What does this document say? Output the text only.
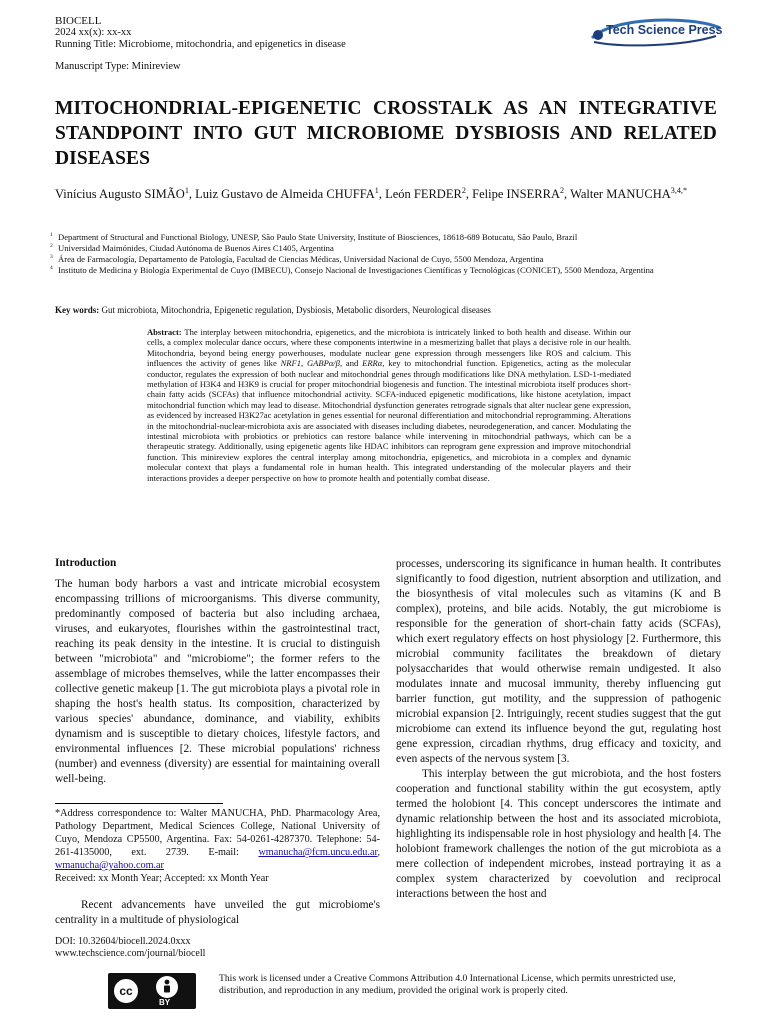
BIOCELL
2024 xx(x): xx-xx
Running Title: Microbiome, mitochondria, and epigenetics in disease
Manuscript Type: Minireview
Tech Science Press
MITOCHONDRIAL-EPIGENETIC CROSSTALK AS AN INTEGRATIVE STANDPOINT INTO GUT MICROBIOME DYSBIOSIS AND RELATED DISEASES
Vinícius Augusto SIMÃO$^1$, Luiz Gustavo de Almeida CHUFFA$^1$, León FERDER$^2$, Felipe INSERRA$^2$, Walter $MANUCHA^{3,4,*}$
1 Department of Structural and Functional Biology, UNESP, São Paulo State University, Institute of Biosciences, 18618-689 Botucatu, São Paulo, Brazil
2 Universidad Maimónides, Ciudad Autónoma de Buenos Aires C1405, Argentina
3 Área de Farmacología, Departamento de Patología, Facultad de Ciencias Médicas, Universidad Nacional de Cuyo, 5500 Mendoza, Argentina
4 Instituto de Medicina y Biología Experimental de Cuyo (IMBECU), Consejo Nacional de Investigaciones Científicas y Tecnológicas (CONICET), 5500 Mendoza, Argentina
Key words: Gut microbiota, Mitochondria, Epigenetic regulation, Dysbiosis, Metabolic disorders, Neurological diseases
Abstract: The interplay between mitochondria, epigenetics, and the microbiota is intricately linked to both health and disease. Within our cells, a complex molecular dance occurs, where these components intertwine in a mesmerizing ballet that plays a decisive role in our health. Mitochondria, beyond being energy powerhouses, modulate nuclear gene expression through messengers like ROS and calcium. This influences the activity of genes like NRF1, GABPα/β, and ERRα, key to mitochondrial function. Epigenetics, acting as the molecular conductor, regulates the expression of both nuclear and mitochondrial genes through modifications like DNA methylation. LSD-1-mediated methylation of H3K4 and H3K9 is crucial for proper mitochondrial biogenesis and function. The intestinal microbiota itself produces short-chain fatty acids (SCFAs) that influence mitochondrial activity. SCFA-induced epigenetic modifications, like histone acetylation, impact mitochondrial function which may lead to disease. Mitochondrial dysfunction generates retrograde signals that alter nuclear gene expression, as evidenced by increased H3K27ac acetylation in genes essential for neuronal differentiation and mitochondrial reprogramming. Alterations in the mitochondrial-nuclear-microbiota axis are associated with diseases including diabetes, neurodegeneration, and cancer. Modulating the intestinal microbiota with probiotics or prebiotics can restore balance while intervening in mitochondrial pathways, which can be a therapeutic strategy. Additionally, using epigenetic agents like HDAC inhibitors can reprogram gene expression and improve mitochondrial function. This minireview explores the central interplay among mitochondria, epigenetics, and microbiota in a complex and dynamic molecular context that plays a fundamental role in human health. This integrated understanding of the molecular players and their interactions provides a deeper perspective on how to promote health and potentially combat disease.
Introduction

The human body harbors a vast and intricate microbial ecosystem encompassing trillions of microorganisms. This diverse community, predominantly composed of bacteria but also including archaea, viruses, and eukaryotes, flourishes within the gastrointestinal tract, reaching its peak density in the intestine. It is crucial to distinguish between "microbiota" and "microbiome"; the former refers to the assemblage of microbes themselves, while the latter encompasses their collective genetic makeup [1. The gut microbiota plays a pivotal role in shaping the host's health status. Its composition, characterized by various species' abundance, dominance, and viability, exhibits dynamism and is susceptible to dietary choices, lifestyle factors, and environmental influences [2. These microbial populations' richness (number) and evenness (diversity) are essential for maintaining overall well-being.

*Address correspondence to: Walter MANUCHA, PhD. Pharmacology Area, Pathology Department, Medical Sciences College, National University of Cuyo, Mendoza CP5500, Argentina. Fax: 54-0261-4287370. Telephone: 54-261-4135000, ext. 2739. E-mail: wmanucha@fcm.uncu.edu.ar, wmanucha@yahoo.com.ar
Received: xx Month Year; Accepted: xx Month Year

Recent advancements have unveiled the gut microbiome's centrality in a multitude of physiological

processes, underscoring its significance in human health. It contributes significantly to food digestion, nutrient absorption and utilization, and the biosynthesis of vital molecules such as vitamins (K and B complex), proteins, and bile acids. Notably, the gut microbiome is responsible for the generation of short-chain fatty acids (SCFAs), which exert regulatory effects on host physiology [2. Furthermore, this microbial community facilitates the breakdown of dietary polysaccharides that would otherwise remain undigested. It also modulates innate and mucosal immunity, thereby influencing gut barrier function, gut motility, and the suppression of pathogenic microbial expansion [2. Intriguingly, recent studies suggest that the gut microbiome can extend its influence beyond the gut, regulating host gene expression, circadian rhythms, drug efficacy and toxicity, and even aspects of the nervous system [3.

This interplay between the gut microbiota, and the host fosters cooperation and functional stability within the gut ecosystem, aptly termed the holobiont [4. This concept underscores the intimate and dynamic relationship between the host and its associated microbiota, highlighting its indispensable role in host physiology and health [4. The holobiont framework challenges the notion of the gut microbiota as a mere collection of independent microbes, instead portraying it as a complex system characterized by coevolution and reciprocal interactions between the host and

DOI: 10.32604/biocell.2024.0xxx
www.techscience.com/journal/biocell
cc
BY
This work is licensed under a Creative Commons Attribution 4.0 International License, which permits unrestricted use, distribution, and reproduction in any medium, provided the original work is properly cited.
